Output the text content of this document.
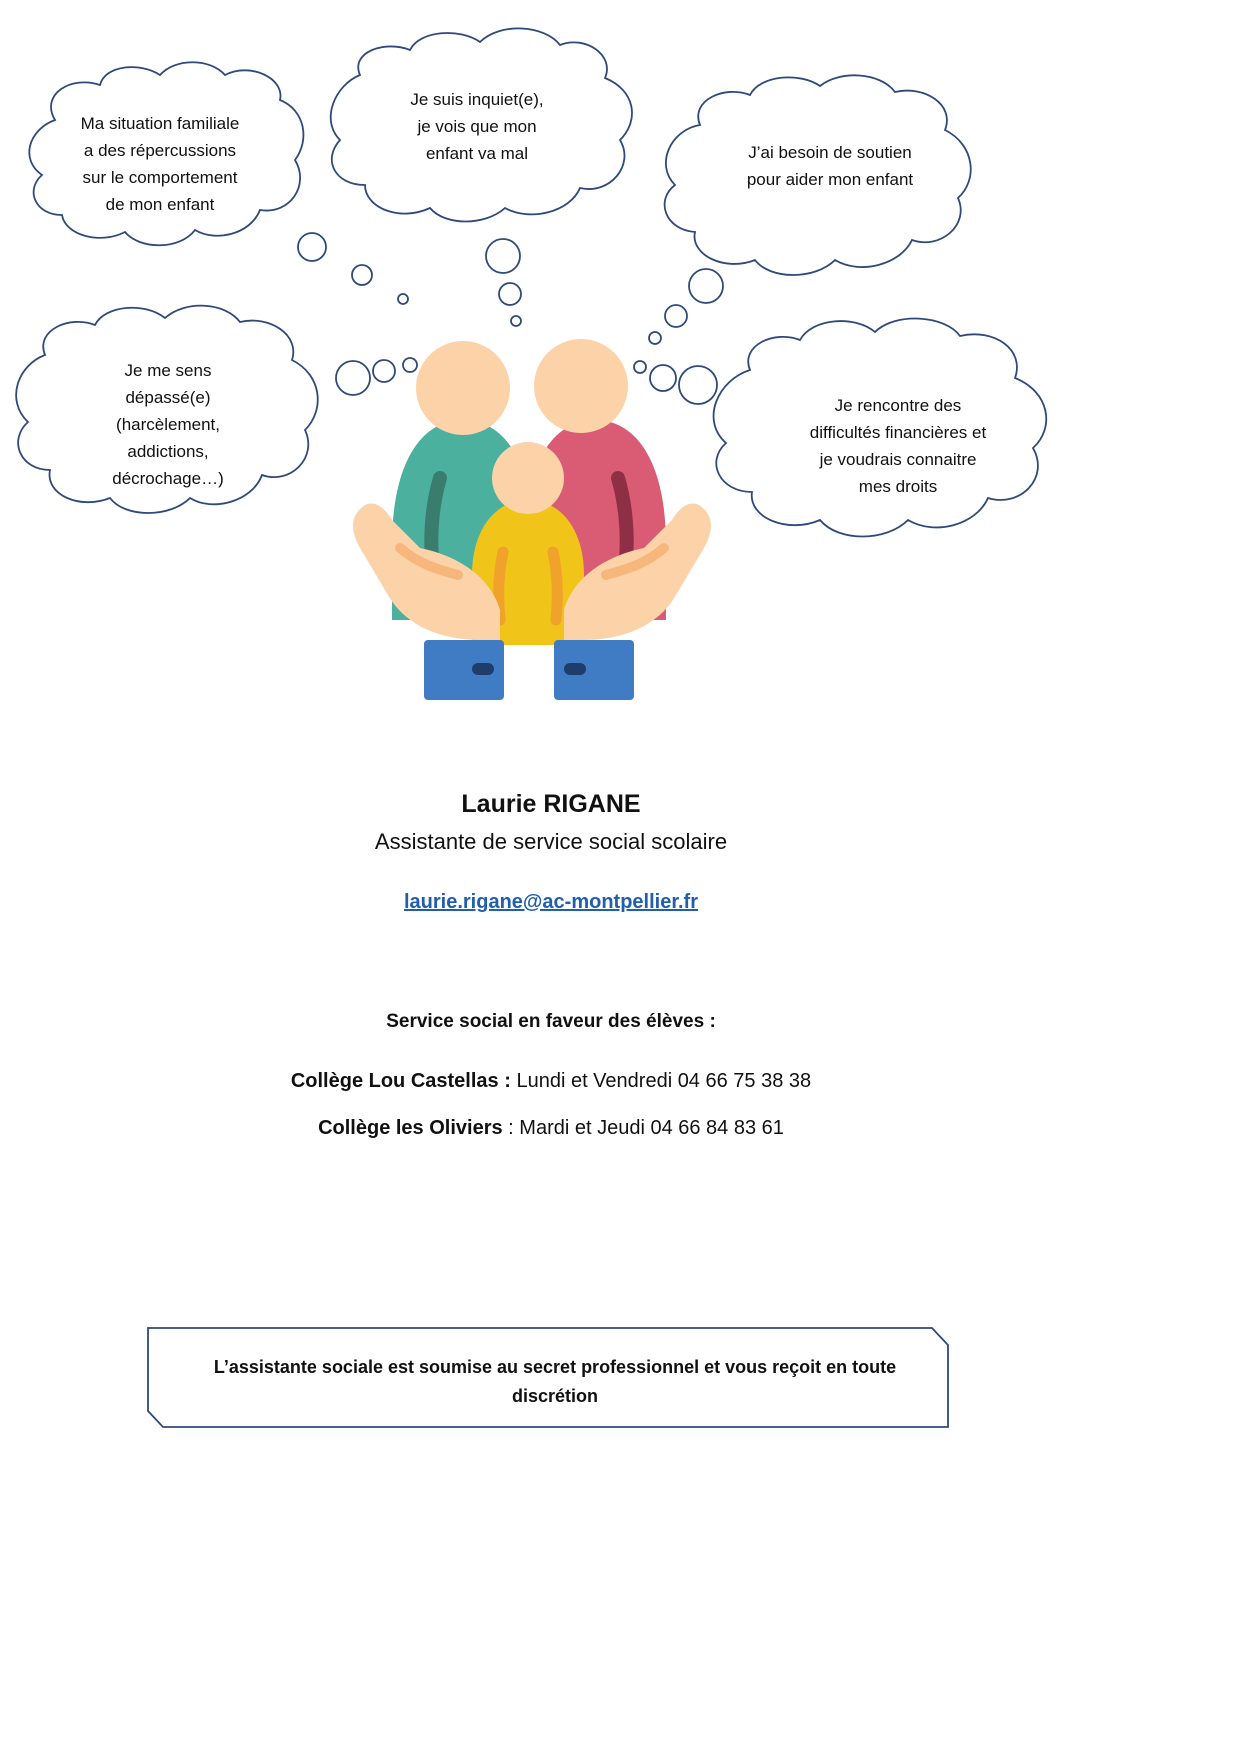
Ma situation familiale
a des répercussions
sur le comportement
de mon enfant
Je suis inquiet(e),
je vois que mon
enfant va mal	J’ai besoin de soutien
pour aider mon enfant
Je me sens
dépassé(e)
(harcèlement,
addictions,
décrochage…)
Je rencontre des
difficultés financières et
je voudrais connaitre
mes droits
Laurie RIGANE
Assistante de service social scolaire
laurie.rigane@ac-montpellier.fr
Service social en faveur des élèves :
Collège Lou Castellas : Lundi et Vendredi 04 66 75 38 38
Collège les Oliviers : Mardi et Jeudi 04 66 84 83 61
L’assistante sociale est soumise au secret professionnel et vous reçoit en toute discrétion
